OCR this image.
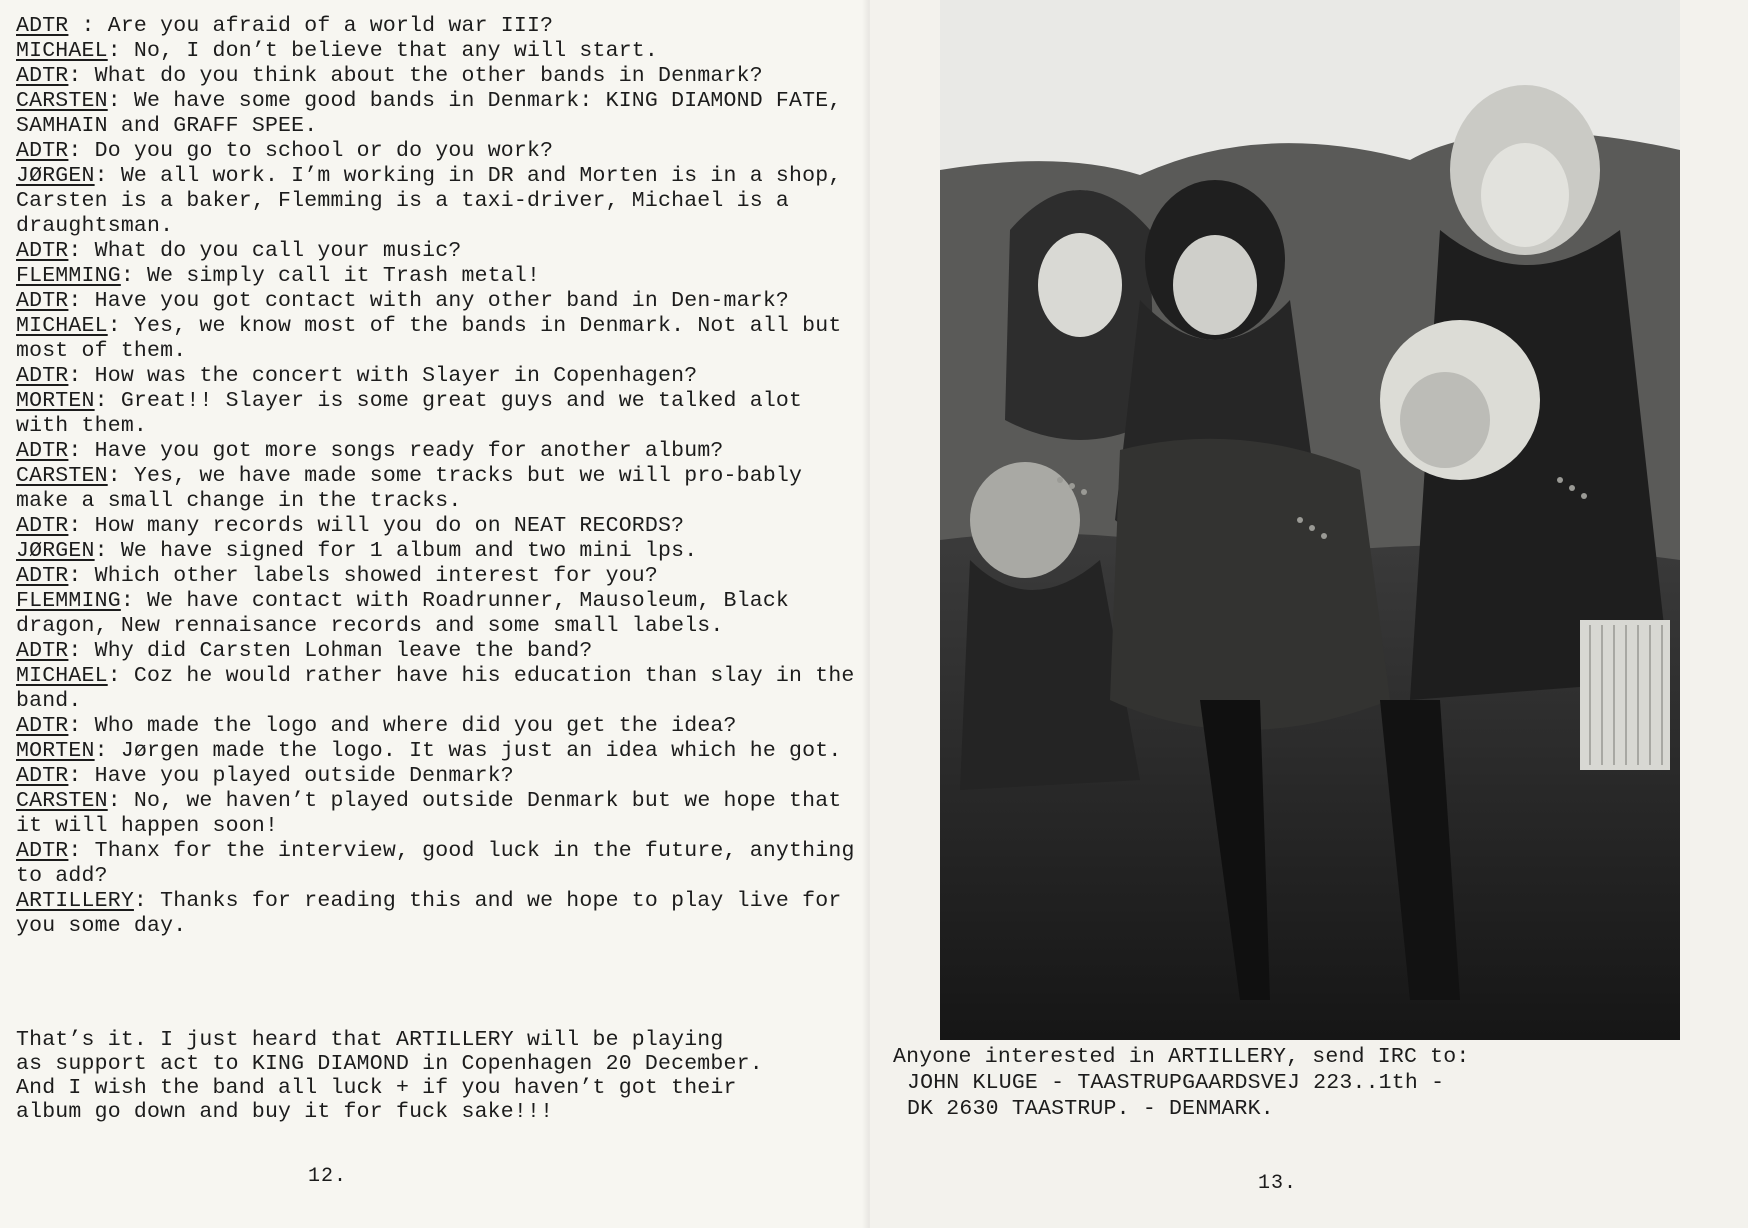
ADTR : Are you afraid of a world war III?

MICHAEL: No, I don’t believe that any will start.

ADTR: What do you think about the other bands in Denmark?

CARSTEN: We have some good bands in Denmark: KING DIAMOND FATE, SAMHAIN and GRAFF SPEE.

ADTR: Do you go to school or do you work?

JØRGEN: We all work. I’m working in DR and Morten is in a shop, Carsten is a baker, Flemming is a taxi-driver, Michael is a draughtsman.

ADTR: What do you call your music?

FLEMMING: We simply call it Trash metal!

ADTR: Have you got contact with any other band in Den-mark?

MICHAEL: Yes, we know most of the bands in Denmark. Not all but most of them.

ADTR: How was the concert with Slayer in Copenhagen?

MORTEN: Great!! Slayer is some great guys and we talked alot with them.

ADTR: Have you got more songs ready for another album?

CARSTEN: Yes, we have made some tracks but we will pro-bably make a small change in the tracks.

ADTR: How many records will you do on NEAT RECORDS?

JØRGEN: We have signed for 1 album and two mini lps.

ADTR: Which other labels showed interest for you?

FLEMMING: We have contact with Roadrunner, Mausoleum, Black dragon, New rennaisance records and some small labels.

ADTR: Why did Carsten Lohman leave the band?

MICHAEL: Coz he would rather have his education than slay in the band.

ADTR: Who made the logo and where did you get the idea?

MORTEN: Jørgen made the logo. It was just an idea which he got.

ADTR: Have you played outside Denmark?

CARSTEN: No, we haven’t played outside Denmark but we hope that it will happen soon!

ADTR: Thanx for the interview, good luck in the future, anything to add?

ARTILLERY: Thanks for reading this and we hope to play live for you some day.

That’s it. I just heard that ARTILLERY will be playing

as support act to KING DIAMOND in Copenhagen 20 December.

And I wish the band all luck + if you haven’t got their

album go down and buy it for fuck sake!!!

12.	13.

Anyone interested in ARTILLERY, send IRC to:

JOHN KLUGE - TAASTRUPGAARDSVEJ 223..1th -

DK 2630 TAASTRUP. - DENMARK.
